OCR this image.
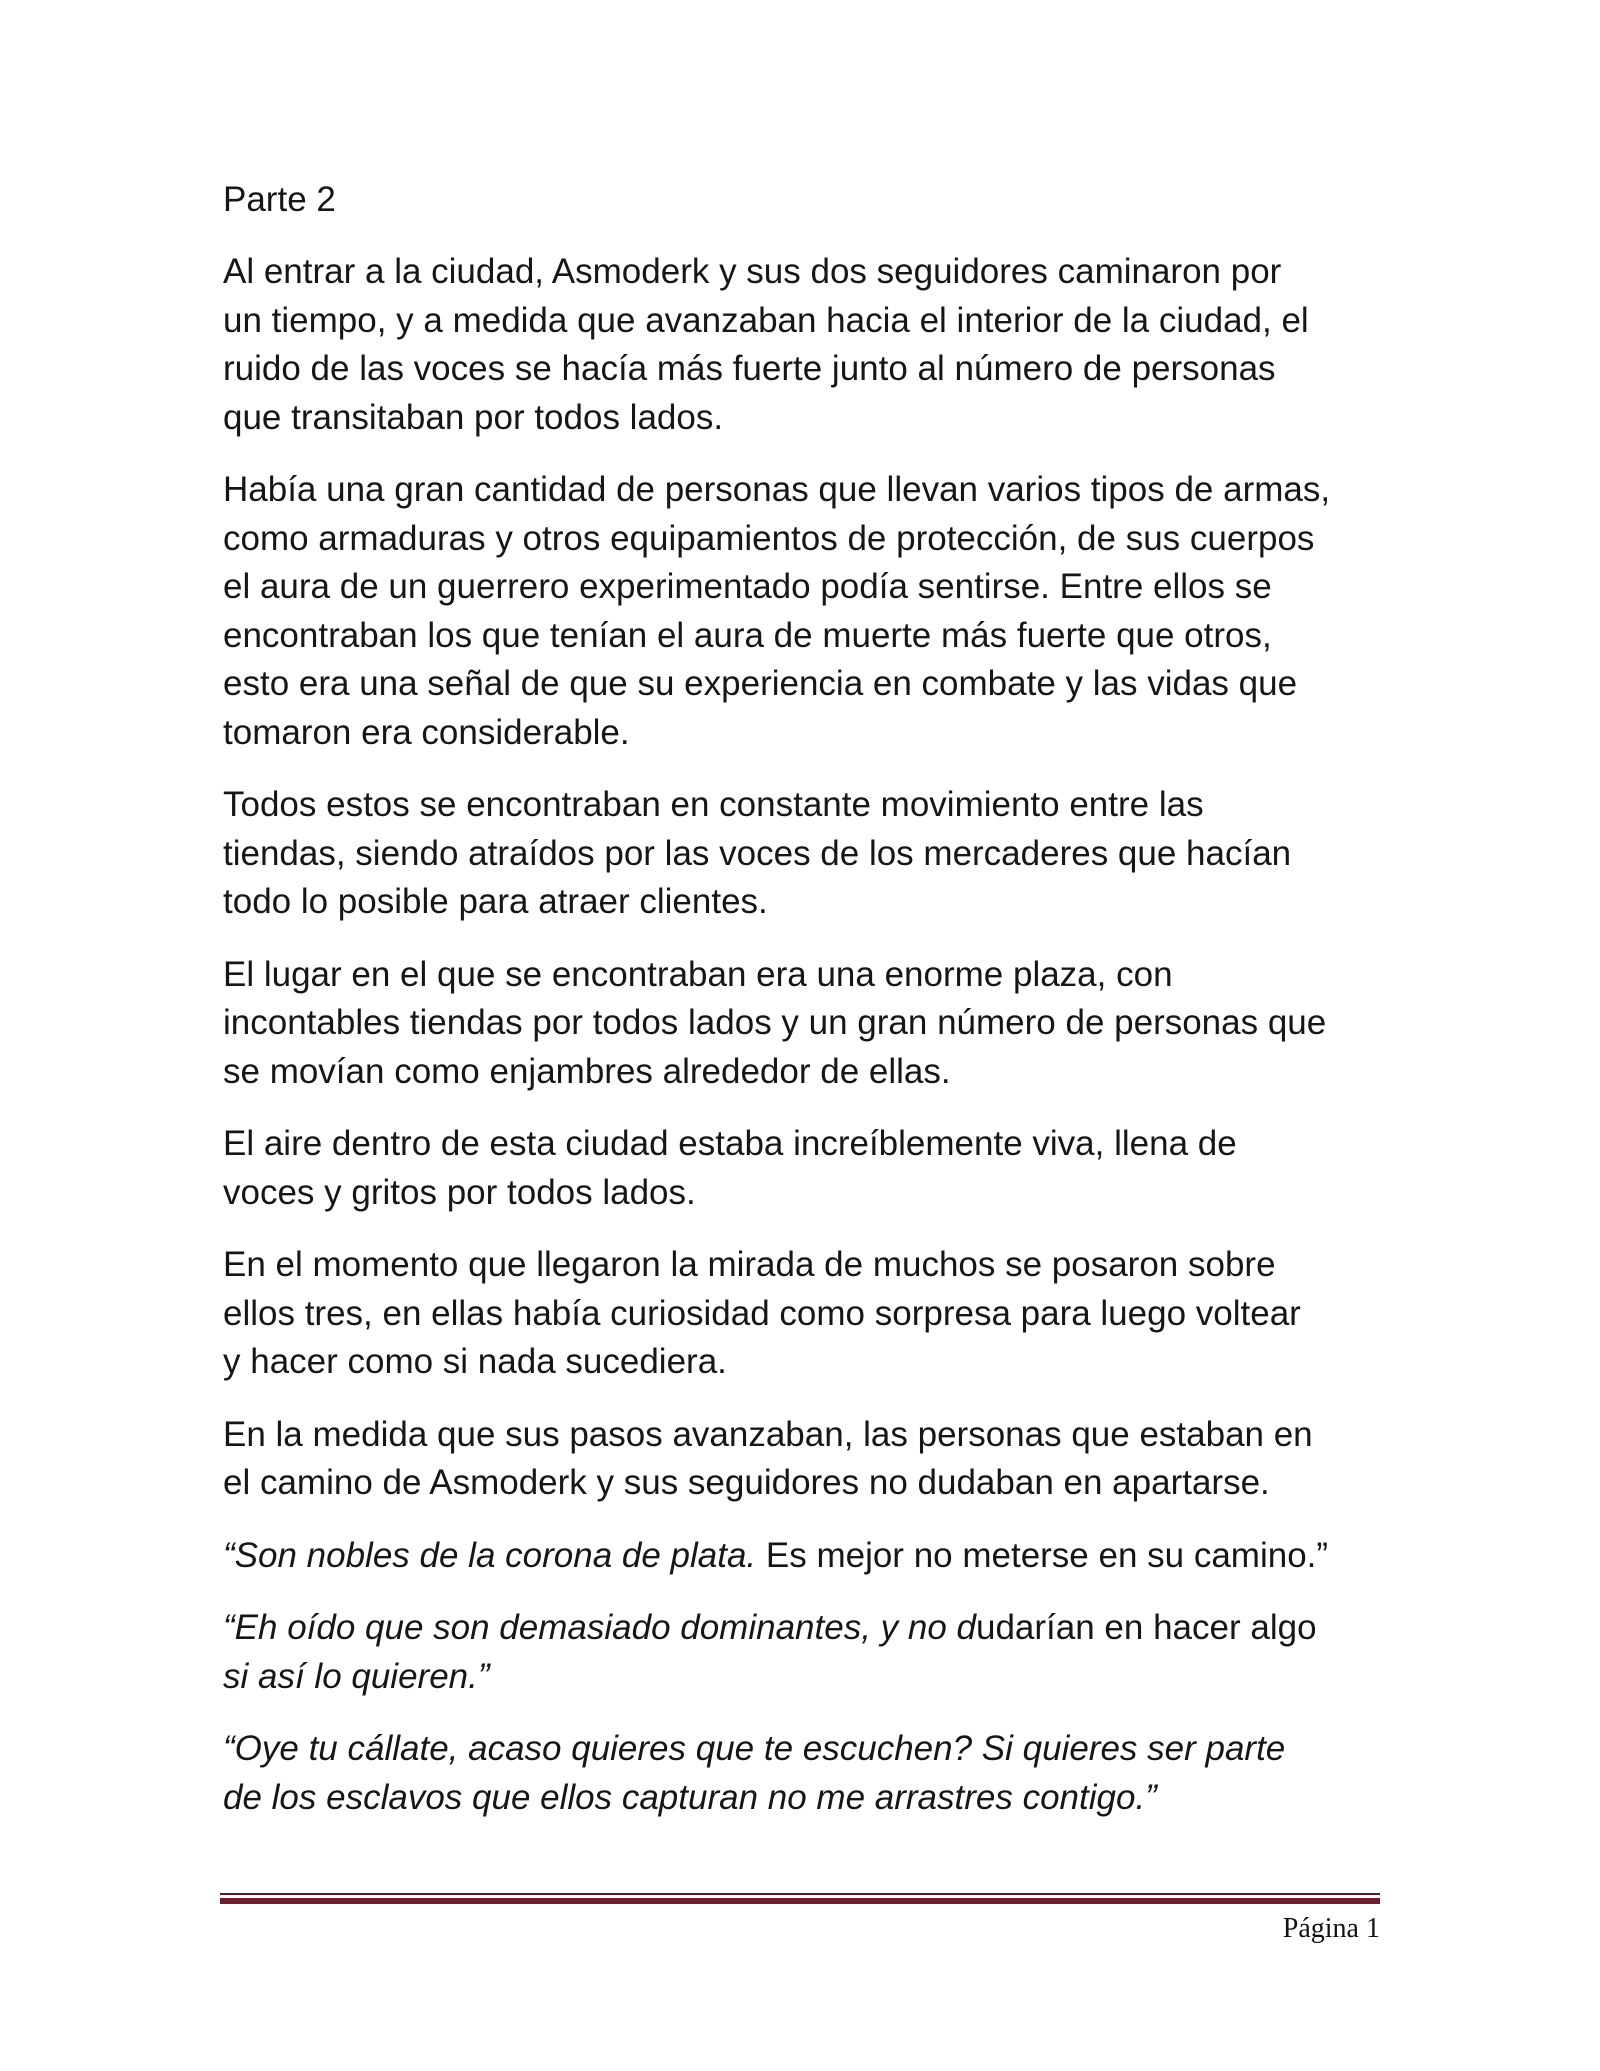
Parte 2

Al entrar a la ciudad, Asmoderk y sus dos seguidores caminaron por
un tiempo, y a medida que avanzaban hacia el interior de la ciudad, el
ruido de las voces se hacía más fuerte junto al número de personas
que transitaban por todos lados.

Había una gran cantidad de personas que llevan varios tipos de armas,
como armaduras y otros equipamientos de protección, de sus cuerpos
el aura de un guerrero experimentado podía sentirse. Entre ellos se
encontraban los que tenían el aura de muerte más fuerte que otros,
esto era una señal de que su experiencia en combate y las vidas que
tomaron era considerable.

Todos estos se encontraban en constante movimiento entre las
tiendas, siendo atraídos por las voces de los mercaderes que hacían
todo lo posible para atraer clientes.

El lugar en el que se encontraban era una enorme plaza, con
incontables tiendas por todos lados y un gran número de personas que
se movían como enjambres alrededor de ellas.

El aire dentro de esta ciudad estaba increíblemente viva, llena de
voces y gritos por todos lados.

En el momento que llegaron la mirada de muchos se posaron sobre
ellos tres, en ellas había curiosidad como sorpresa para luego voltear
y hacer como si nada sucediera.

En la medida que sus pasos avanzaban, las personas que estaban en
el camino de Asmoderk y sus seguidores no dudaban en apartarse.

“Son nobles de la corona de plata. Es mejor no meterse en su camino.”

“Eh oído que son demasiado dominantes, y no dudarían en hacer algo
si así lo quieren.”

“Oye tu cállate, acaso quieres que te escuchen? Si quieres ser parte
de los esclavos que ellos capturan no me arrastres contigo.”

Página 1
